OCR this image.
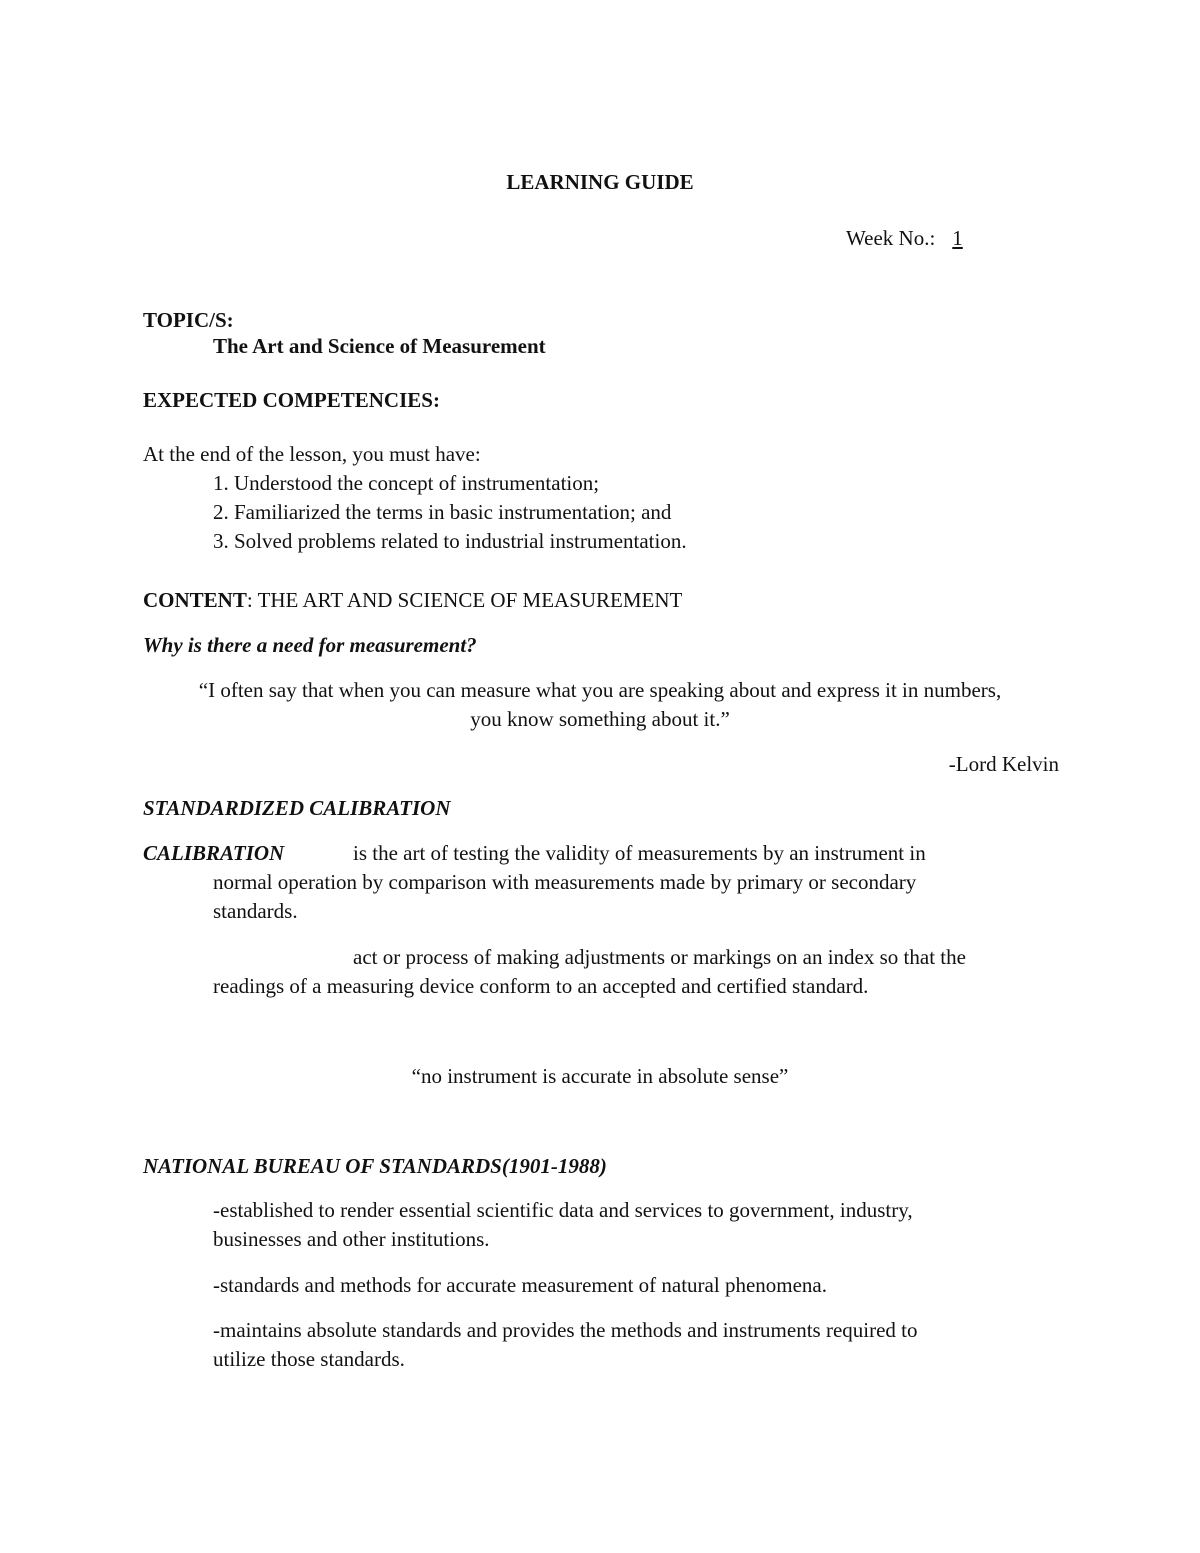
LEARNING GUIDE
Week No.: 1
TOPIC/S:
The Art and Science of Measurement
EXPECTED COMPETENCIES:
At the end of the lesson, you must have:
1. Understood the concept of instrumentation;
2. Familiarized the terms in basic instrumentation; and
3. Solved problems related to industrial instrumentation.
CONTENT: THE ART AND SCIENCE OF MEASUREMENT
Why is there a need for measurement?
“I often say that when you can measure what you are speaking about and express it in numbers,
you know something about it.”
-Lord Kelvin
STANDARDIZED CALIBRATION
CALIBRATION	is the art of testing the validity of measurements by an instrument in
normal operation by comparison with measurements made by primary or secondary
standards.
act or process of making adjustments or markings on an index so that the
readings of a measuring device conform to an accepted and certified standard.
“no instrument is accurate in absolute sense”
NATIONAL BUREAU OF STANDARDS(1901-1988)
-established to render essential scientific data and services to government, industry,
businesses and other institutions.
-standards and methods for accurate measurement of natural phenomena.
-maintains absolute standards and provides the methods and instruments required to
utilize those standards.
